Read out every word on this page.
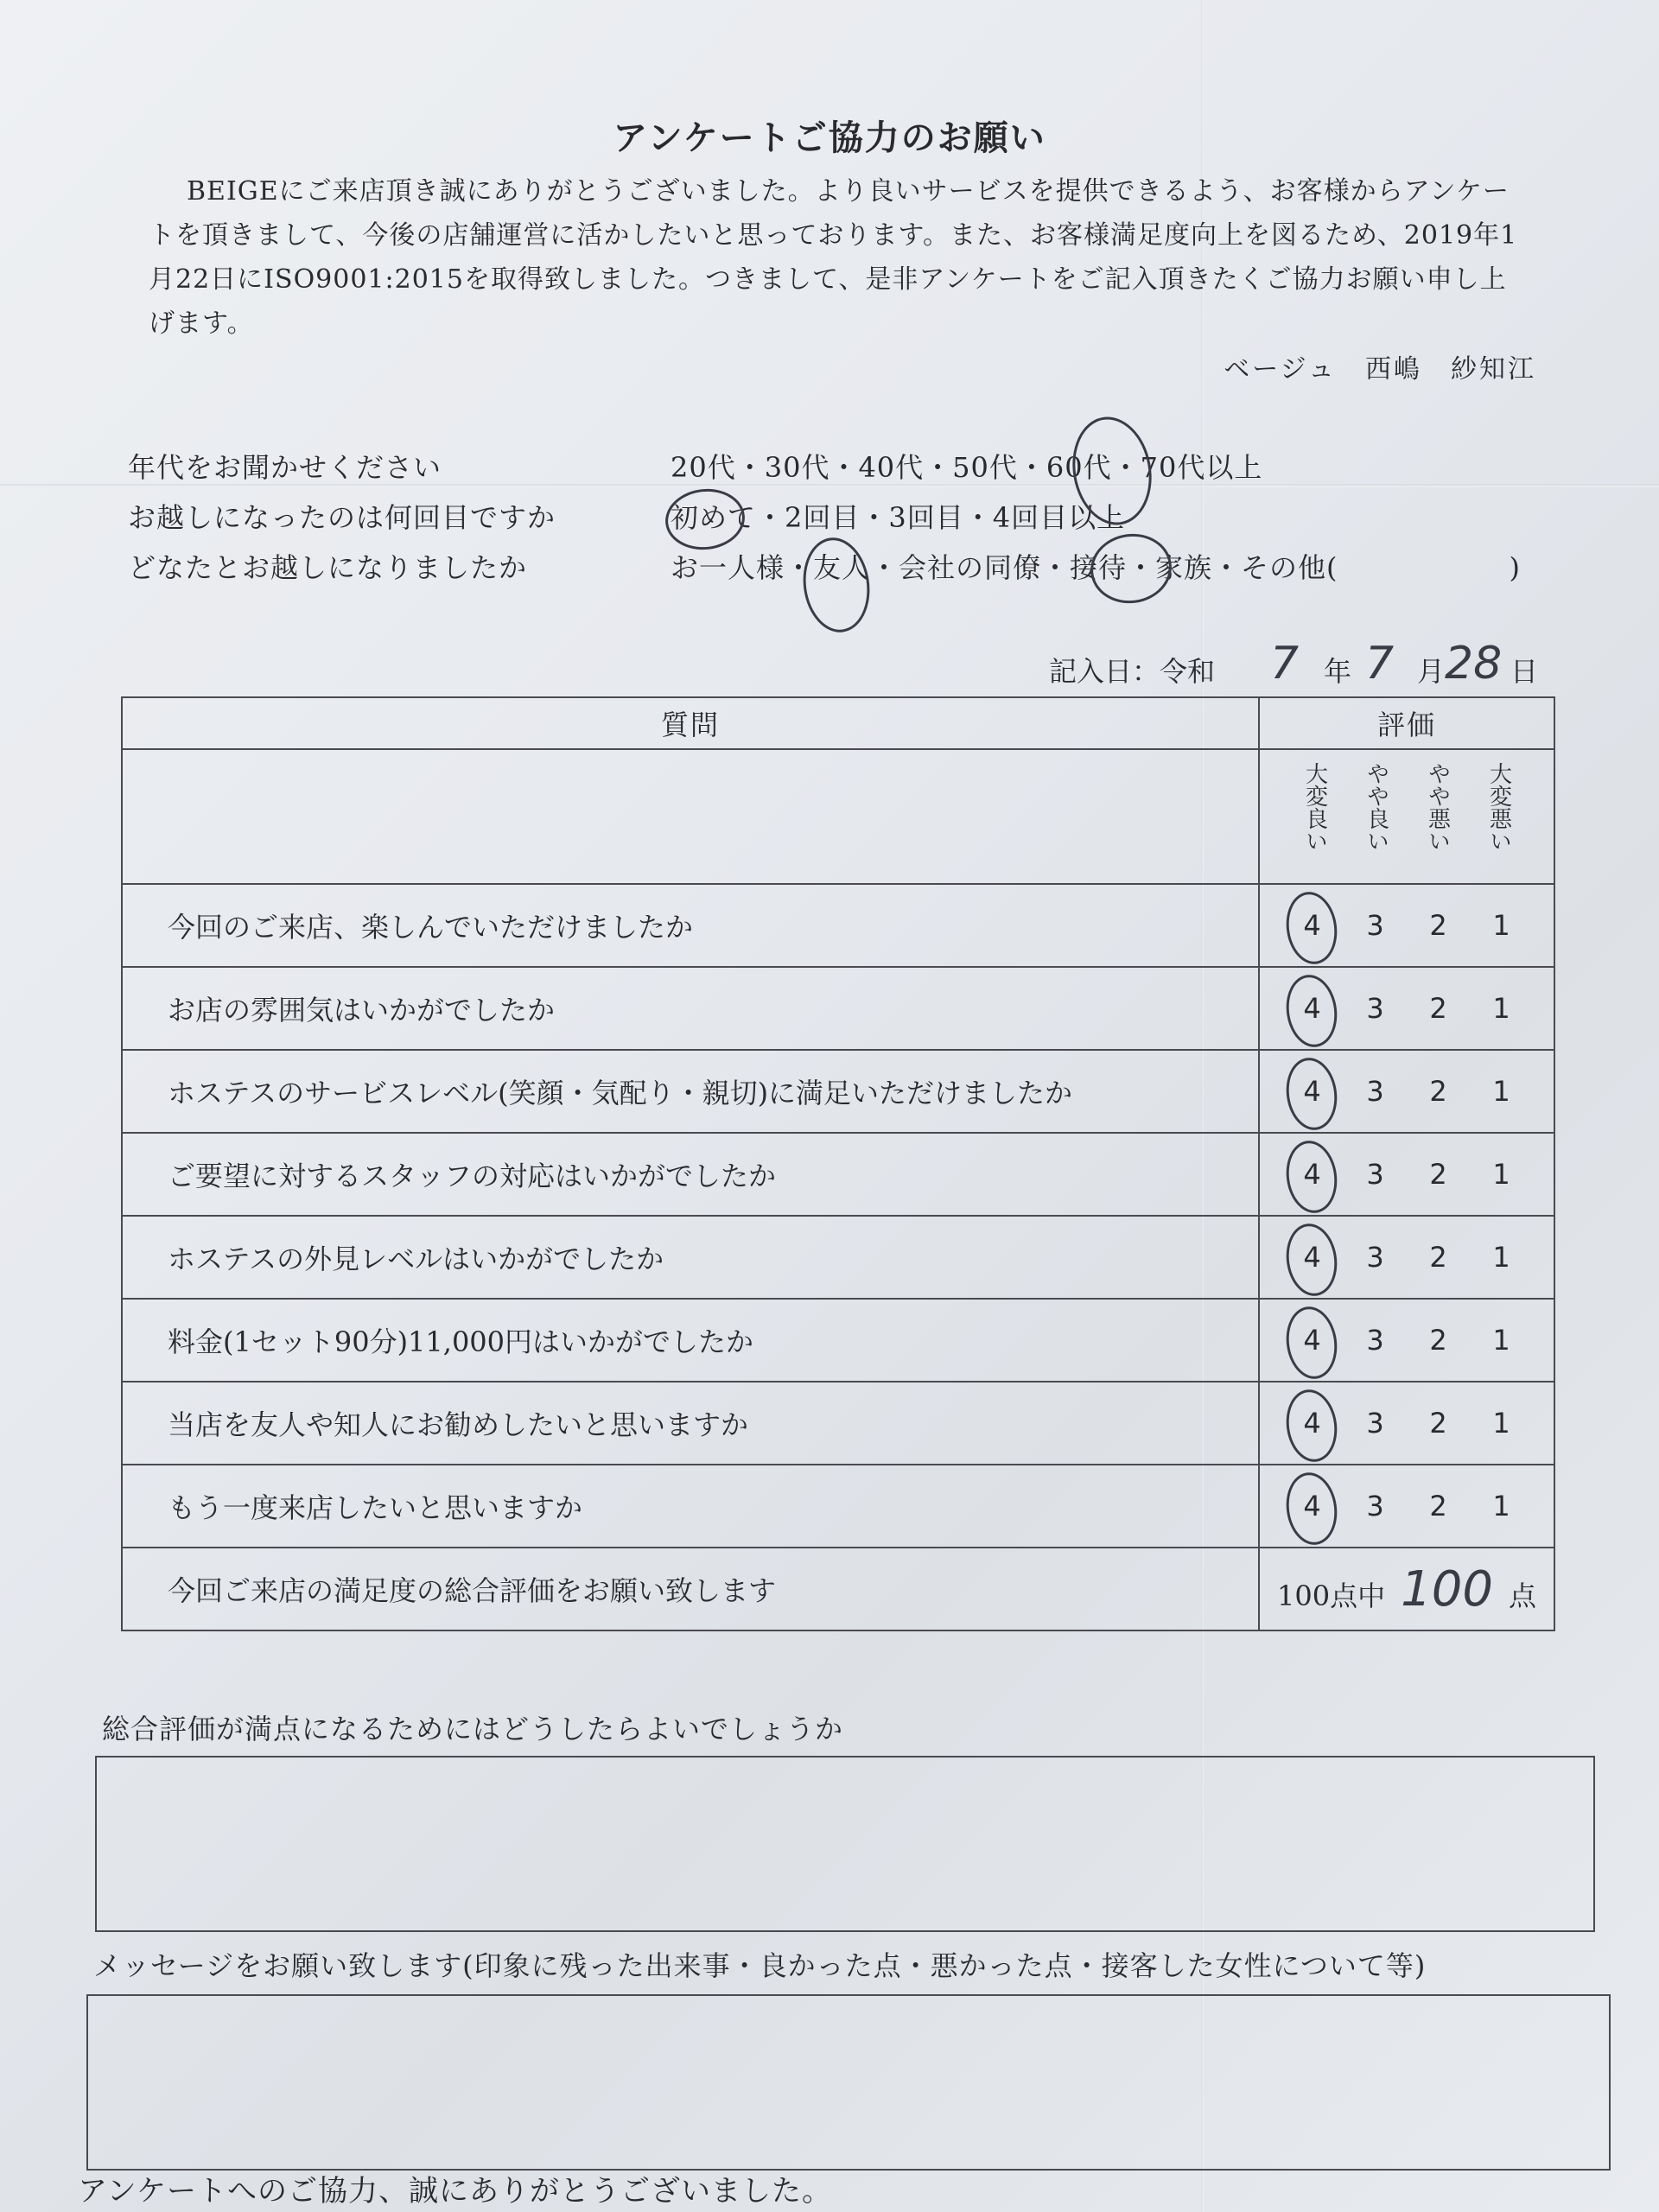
アンケートご協力のお願い
BEIGEにご来店頂き誠にありがとうございました。より良いサービスを提供できるよう、お客様からアンケートを頂きまして、今後の店舗運営に活かしたいと思っております。また、お客様満足度向上を図るため、2019年1月22日にISO9001:2015を取得致しました。つきまして、是非アンケートをご記入頂きたくご協力お願い申し上げます。
ベージュ　西嶋　紗知江
年代をお聞かせください	20代・30代・40代・50代・60代・70代以上
お越しになったのは何回目ですか	初めて・2回目・3回目・4回目以上
どなたとお越しになりましたか	お一人様・友人・会社の同僚・接待・家族・その他(　　　　　　)
記入日：令和 7 年 7 月 28 日
質問	評価

	大変良い やや良い やや悪い 大変悪い

今回のご来店、楽しんでいただけましたか	4 3 2 1

お店の雰囲気はいかがでしたか	4 3 2 1

ホステスのサービスレベル(笑顔・気配り・親切)に満足いただけましたか	4 3 2 1

ご要望に対するスタッフの対応はいかがでしたか	4 3 2 1

ホステスの外見レベルはいかがでしたか	4 3 2 1

料金(1セット90分)11,000円はいかがでしたか	4 3 2 1

当店を友人や知人にお勧めしたいと思いますか	4 3 2 1

もう一度来店したいと思いますか	4 3 2 1

今回ご来店の満足度の総合評価をお願い致します	100点中 100 点
総合評価が満点になるためにはどうしたらよいでしょうか
メッセージをお願い致します(印象に残った出来事・良かった点・悪かった点・接客した女性について等)
アンケートへのご協力、誠にありがとうございました。
